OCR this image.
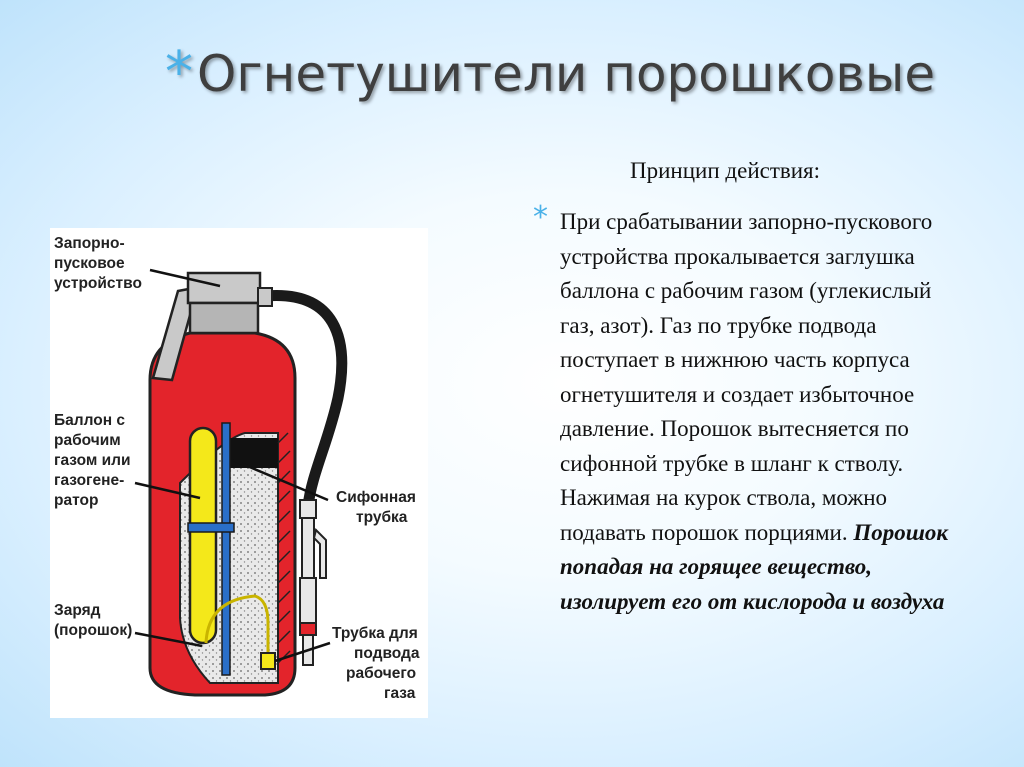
*Огнетушители порошковые
Запорно- пусковое устройство
Баллон с рабочим газом или газогене- ратор
Заряд (порошок)
Сифонная трубка
Трубка для подвода рабочего газа
Принцип действия:
* При срабатывании запорно-пускового устройства прокалывается заглушка баллона с рабочим газом (углекислый газ, азот). Газ по трубке подвода поступает в нижнюю часть корпуса огнетушителя и создает избыточное давление. Порошок вытесняется по сифонной трубке в шланг к стволу. Нажимая на курок ствола, можно подавать порошок порциями. Порошок попадая на горящее вещество, изолирует его от кислорода и воздуха
